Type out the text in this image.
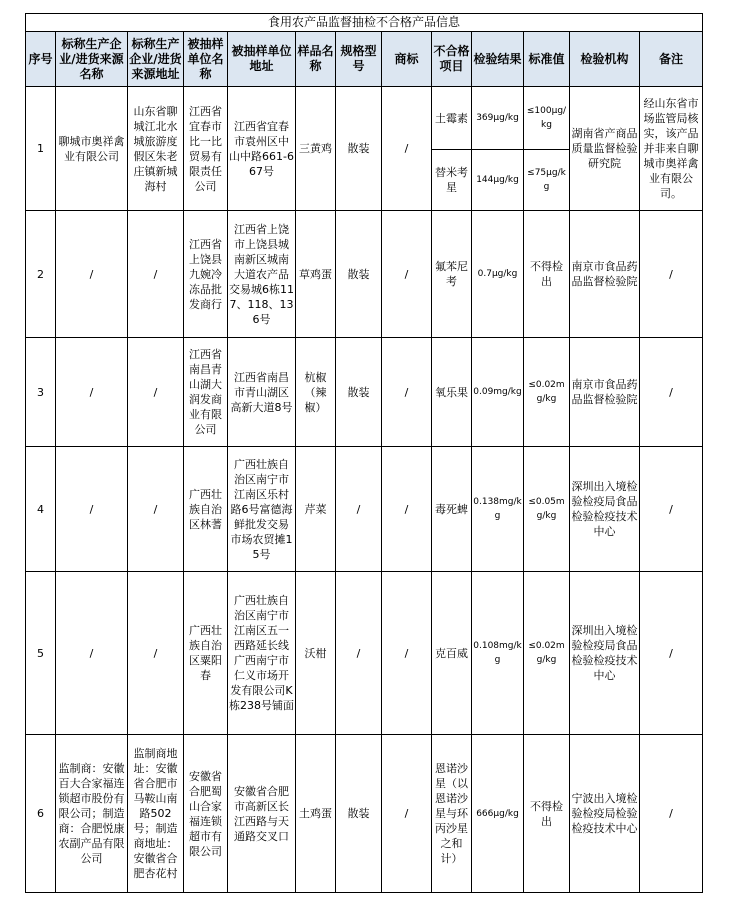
食用农产品监督抽检不合格产品信息												
序号	标称生产企业/进货来源名称	标称生产企业/进货来源地址	被抽样单位名称	被抽样单位地址	样品名称	规格型号	商标	不合格项目	检验结果	标准值	检验机构	备注
1	聊城市奥祥禽业有限公司	山东省聊城江北水城旅游度假区朱老庄镇新城海村	江西省宜春市比一比贸易有限责任公司	江西省宜春市袁州区中山中路661-667号	三黄鸡	散装	/	土霉素	369μg/kg	≤100μg/kg	湖南省产商品质量监督检验研究院	经山东省市场监管局核实，该产品并非来自聊城市奥祥禽业有限公司。
								替米考星	144μg/kg	≤75μg/kg		
2	/	/	江西省上饶县九婉冷冻品批发商行	江西省上饶市上饶县城南新区城南大道农产品交易城6栋117、118、136号	草鸡蛋	散装	/	氟苯尼考	0.7μg/kg	不得检出	南京市食品药品监督检验院	/
3	/	/	江西省南昌青山湖大润发商业有限公司	江西省南昌市青山湖区高新大道8号	杭椒（辣椒）	散装	/	氧乐果	0.09mg/kg	≤0.02mg/kg	南京市食品药品监督检验院	/
4	/	/	广西壮族自治区林蓍	广西壮族自治区南宁市江南区乐村路6号富德海鲜批发交易市场农贸摊15号	芹菜	/	/	毒死蜱	0.138mg/kg	≤0.05mg/kg	深圳出入境检验检疫局食品检验检疫技术中心	/
5	/	/	广西壮族自治区粟阳春	广西壮族自治区南宁市江南区五一西路延长线广西南宁市仁义市场开发有限公司K栋238号铺面	沃柑	/	/	克百威	0.108mg/kg	≤0.02mg/kg	深圳出入境检验检疫局食品检验检疫技术中心	/
6	监制商：安徽百大合家福连锁超市股份有限公司；制造商：合肥悦康农副产品有限公司	监制商地址：安徽省合肥市马鞍山南路502号；制造商地址：安徽省合肥杏花村	安徽省合肥蜀山合家福连锁超市有限公司	安徽省合肥市高新区长江西路与天通路交叉口	土鸡蛋	散装	/	恩诺沙星（以恩诺沙星与环丙沙星之和计）	666μg/kg	不得检出	宁波出入境检验检疫局检验检疫技术中心	/
